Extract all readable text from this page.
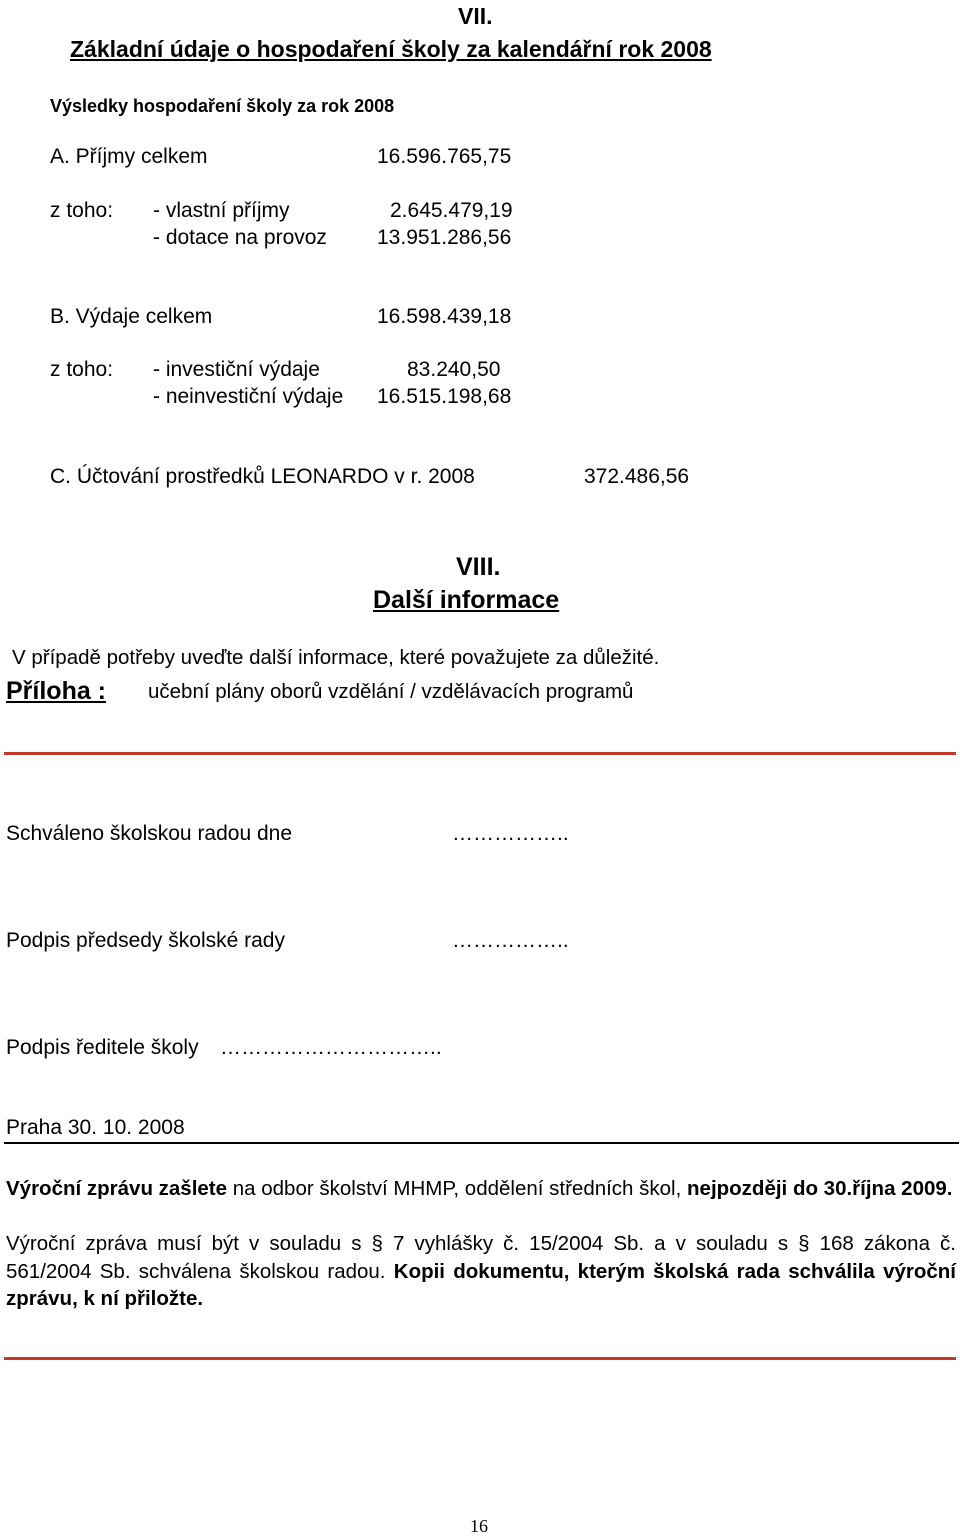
VII.
Základní údaje o hospodaření školy za kalendářní rok 2008
Výsledky hospodaření školy za rok 2008
A. Příjmy celkem	16.596.765,75
z toho: - vlastní příjmy	2.645.479,19
- dotace na provoz 13.951.286,56
B. Výdaje celkem	16.598.439,18
z toho: - investiční výdaje	83.240,50
- neinvestiční výdaje 16.515.198,68
C. Účtování prostředků LEONARDO v r. 2008	372.486,56
VIII.
Další informace
V případě potřeby uveďte další informace, které považujete za důležité.
Příloha : učební plány oborů vzdělání / vzdělávacích programů
Schváleno školskou radou dne	……………..
Podpis předsedy školské rady	……………..
Podpis ředitele školy …………………………..
Praha 30. 10. 2008
Výroční zprávu zašlete na odbor školství MHMP, oddělení středních škol, nejpozději do 30.října 2009.
Výroční zpráva musí být v souladu s § 7 vyhlášky č. 15/2004 Sb. a v souladu s § 168 zákona č. 561/2004 Sb. schválena školskou radou. Kopii dokumentu, kterým školská rada schválila výroční zprávu, k ní přiložte.
16
